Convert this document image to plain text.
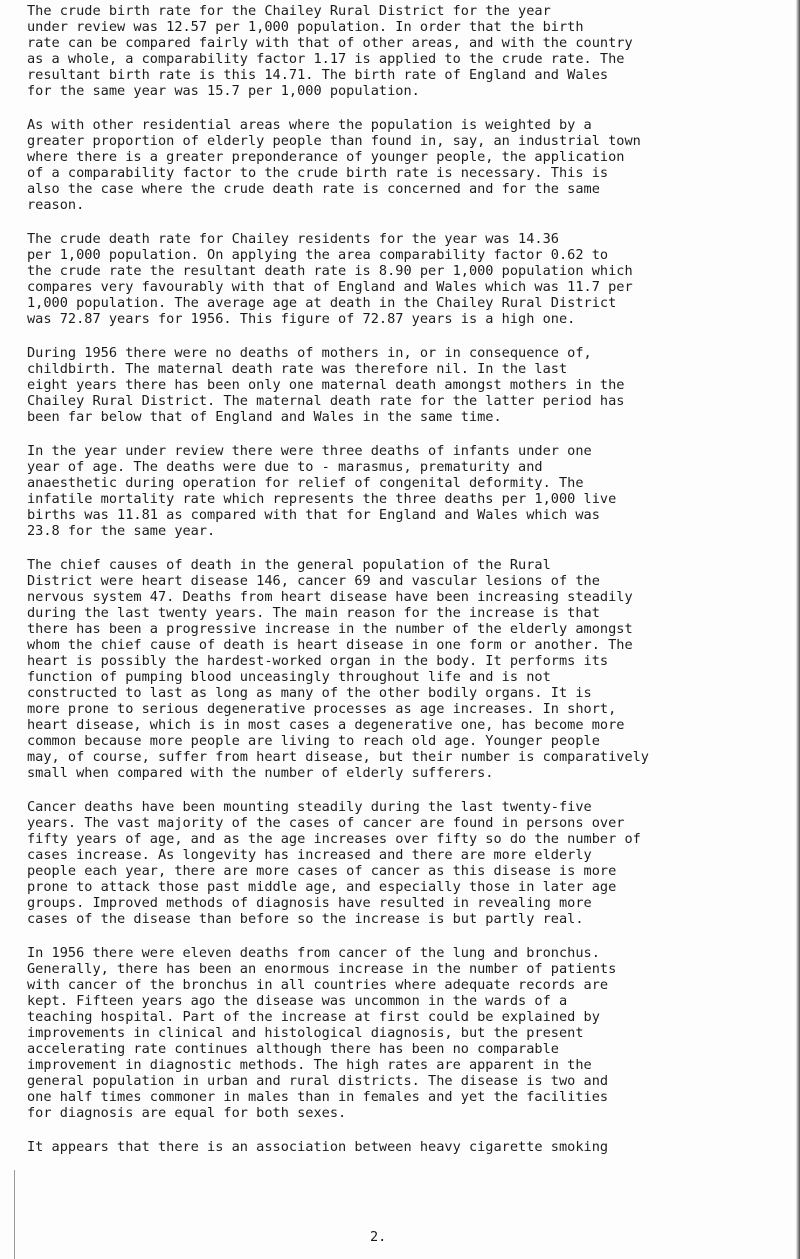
The crude birth rate for the Chailey Rural District for the year
under review was 12.57 per 1,000 population. In order that the birth
rate can be compared fairly with that of other areas, and with the country
as a whole, a comparability factor 1.17 is applied to the crude rate. The
resultant birth rate is this 14.71. The birth rate of England and Wales
for the same year was 15.7 per 1,000 population.
As with other residential areas where the population is weighted by a
greater proportion of elderly people than found in, say, an industrial town
where there is a greater preponderance of younger people, the application
of a comparability factor to the crude birth rate is necessary. This is
also the case where the crude death rate is concerned and for the same
reason.
The crude death rate for Chailey residents for the year was 14.36
per 1,000 population. On applying the area comparability factor 0.62 to
the crude rate the resultant death rate is 8.90 per 1,000 population which
compares very favourably with that of England and Wales which was 11.7 per
1,000 population. The average age at death in the Chailey Rural District
was 72.87 years for 1956. This figure of 72.87 years is a high one.
During 1956 there were no deaths of mothers in, or in consequence of,
childbirth. The maternal death rate was therefore nil. In the last
eight years there has been only one maternal death amongst mothers in the
Chailey Rural District. The maternal death rate for the latter period has
been far below that of England and Wales in the same time.
In the year under review there were three deaths of infants under one
year of age. The deaths were due to - marasmus, prematurity and
anaesthetic during operation for relief of congenital deformity. The
infatile mortality rate which represents the three deaths per 1,000 live
births was 11.81 as compared with that for England and Wales which was
23.8 for the same year.
The chief causes of death in the general population of the Rural
District were heart disease 146, cancer 69 and vascular lesions of the
nervous system 47. Deaths from heart disease have been increasing steadily
during the last twenty years. The main reason for the increase is that
there has been a progressive increase in the number of the elderly amongst
whom the chief cause of death is heart disease in one form or another. The
heart is possibly the hardest-worked organ in the body. It performs its
function of pumping blood unceasingly throughout life and is not
constructed to last as long as many of the other bodily organs. It is
more prone to serious degenerative processes as age increases. In short,
heart disease, which is in most cases a degenerative one, has become more
common because more people are living to reach old age. Younger people
may, of course, suffer from heart disease, but their number is comparatively
small when compared with the number of elderly sufferers.
Cancer deaths have been mounting steadily during the last twenty-five
years. The vast majority of the cases of cancer are found in persons over
fifty years of age, and as the age increases over fifty so do the number of
cases increase. As longevity has increased and there are more elderly
people each year, there are more cases of cancer as this disease is more
prone to attack those past middle age, and especially those in later age
groups. Improved methods of diagnosis have resulted in revealing more
cases of the disease than before so the increase is but partly real.
In 1956 there were eleven deaths from cancer of the lung and bronchus.
Generally, there has been an enormous increase in the number of patients
with cancer of the bronchus in all countries where adequate records are
kept. Fifteen years ago the disease was uncommon in the wards of a
teaching hospital. Part of the increase at first could be explained by
improvements in clinical and histological diagnosis, but the present
accelerating rate continues although there has been no comparable
improvement in diagnostic methods. The high rates are apparent in the
general population in urban and rural districts. The disease is two and
one half times commoner in males than in females and yet the facilities
for diagnosis are equal for both sexes.
It appears that there is an association between heavy cigarette smoking
2.
